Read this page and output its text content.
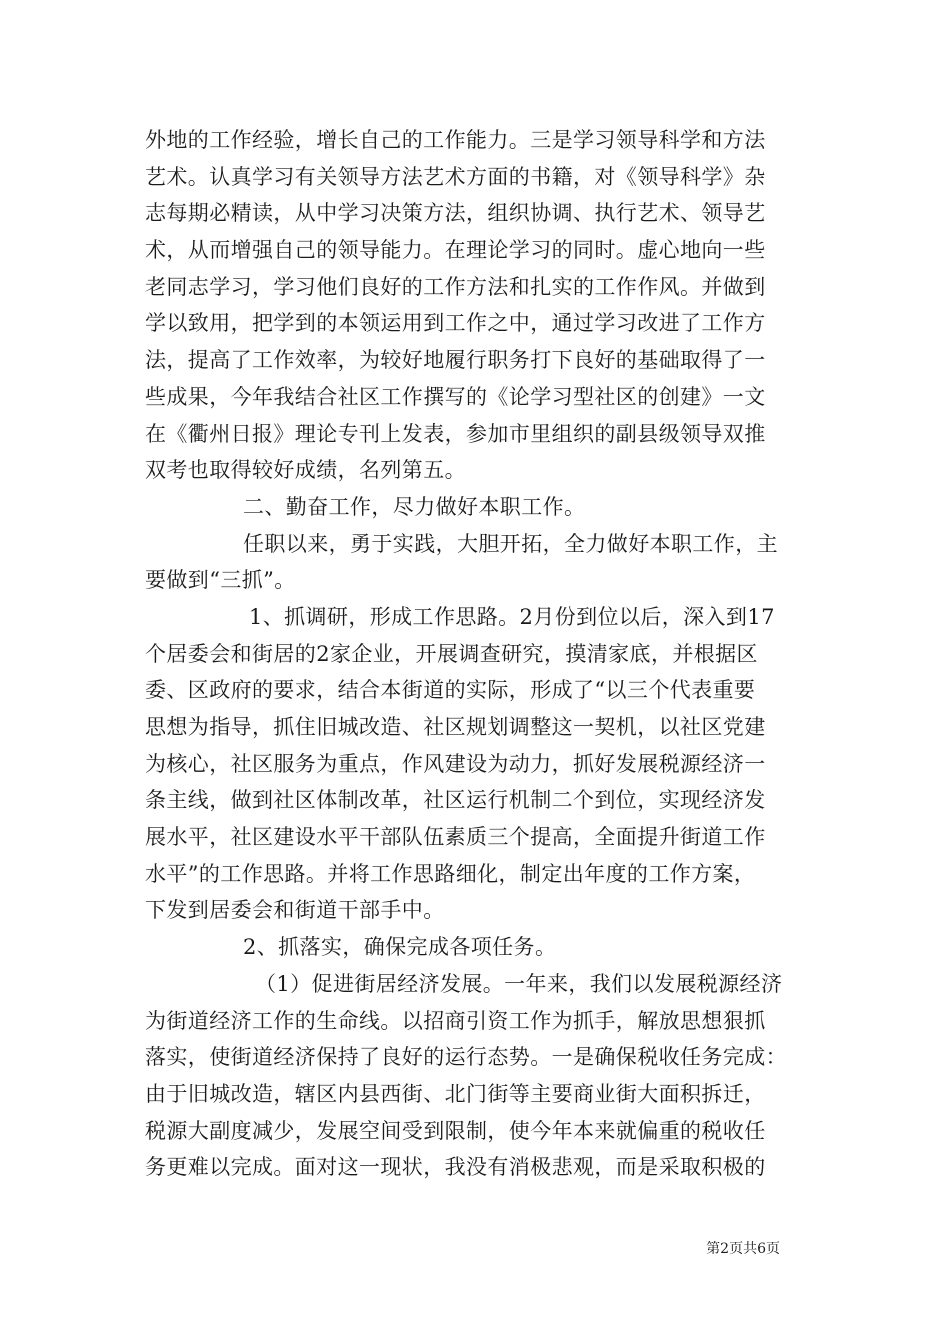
外地的工作经验，增长自己的工作能力。三是学习领导科学和方法
艺术。认真学习有关领导方法艺术方面的书籍，对《领导科学》杂
志每期必精读，从中学习决策方法，组织协调、执行艺术、领导艺
术，从而增强自己的领导能力。在理论学习的同时。虚心地向一些
老同志学习，学习他们良好的工作方法和扎实的工作作风。并做到
学以致用，把学到的本领运用到工作之中，通过学习改进了工作方
法，提高了工作效率，为较好地履行职务打下良好的基础取得了一
些成果，今年我结合社区工作撰写的《论学习型社区的创建》一文
在《衢州日报》理论专刊上发表，参加市里组织的副县级领导双推
双考也取得较好成绩，名列第五。
二、勤奋工作，尽力做好本职工作。
任职以来，勇于实践，大胆开拓，全力做好本职工作，主
要做到“三抓”。
1、抓调研，形成工作思路。2月份到位以后，深入到17
个居委会和街居的2家企业，开展调查研究，摸清家底，并根据区
委、区政府的要求，结合本街道的实际，形成了“以三个代表重要
思想为指导，抓住旧城改造、社区规划调整这一契机，以社区党建
为核心，社区服务为重点，作风建设为动力，抓好发展税源经济一
条主线，做到社区体制改革，社区运行机制二个到位，实现经济发
展水平，社区建设水平干部队伍素质三个提高，全面提升街道工作
水平”的工作思路。并将工作思路细化，制定出年度的工作方案，
下发到居委会和街道干部手中。
2、抓落实，确保完成各项任务。
（1）促进街居经济发展。一年来，我们以发展税源经济
为街道经济工作的生命线。以招商引资工作为抓手，解放思想狠抓
落实，使街道经济保持了良好的运行态势。一是确保税收任务完成：
由于旧城改造，辖区内县西街、北门街等主要商业街大面积拆迁，
税源大副度减少，发展空间受到限制，使今年本来就偏重的税收任
务更难以完成。面对这一现状，我没有消极悲观，而是采取积极的
第2页共6页
